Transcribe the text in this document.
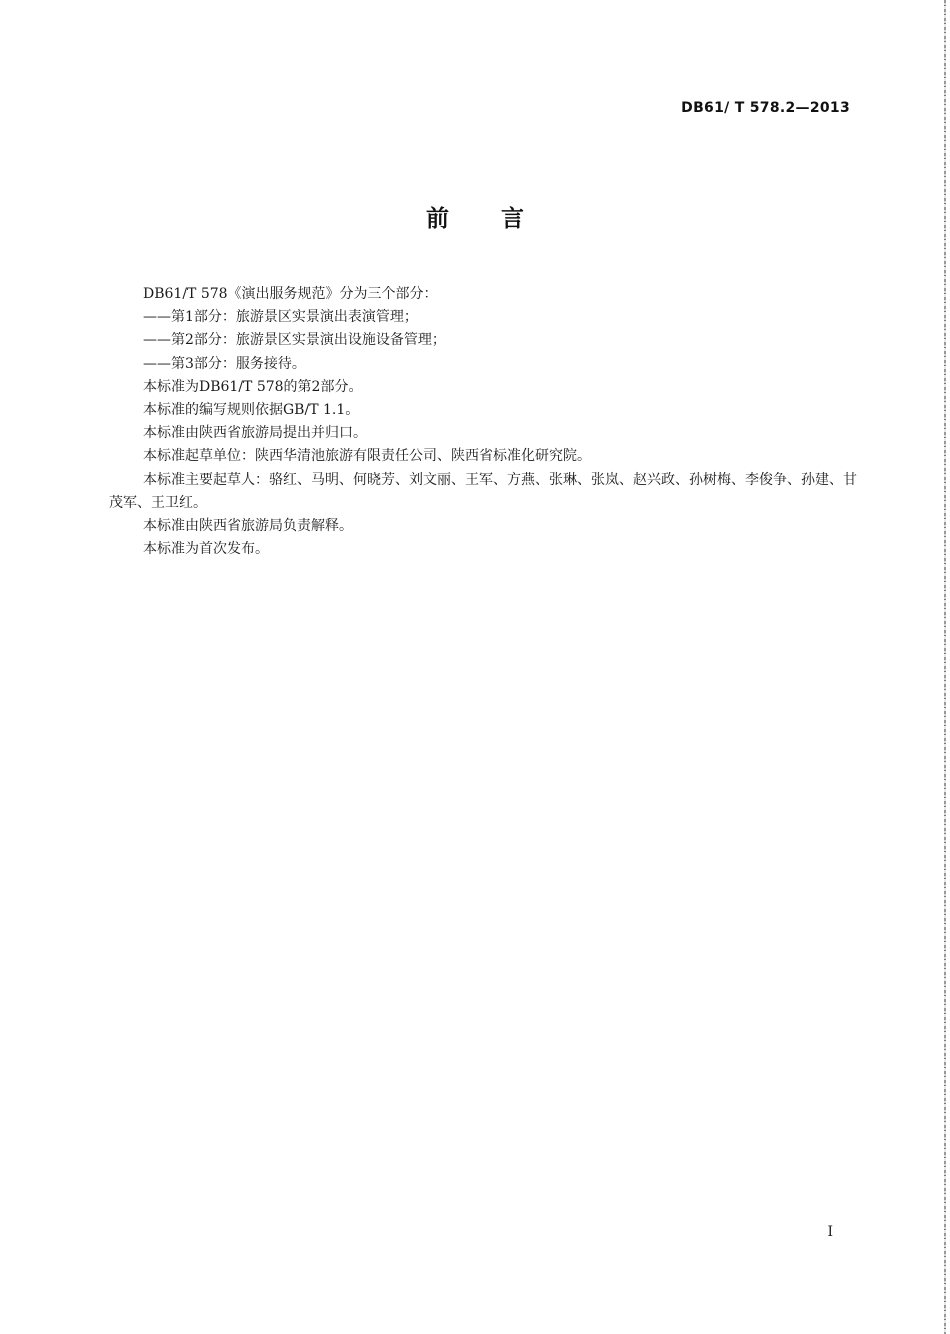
DB61/ T 578.2—2013
前言

DB61/T 578《演出服务规范》分为三个部分：

——第1部分：旅游景区实景演出表演管理；

——第2部分：旅游景区实景演出设施设备管理；

——第3部分：服务接待。

本标准为DB61/T 578的第2部分。

本标准的编写规则依据GB/T 1.1。

本标准由陕西省旅游局提出并归口。

本标准起草单位：陕西华清池旅游有限责任公司、陕西省标准化研究院。

本标准主要起草人：骆红、马明、何晓芳、刘文丽、王军、方燕、张琳、张岚、赵兴政、孙树梅、李俊争、孙建、甘茂军、王卫红。

本标准由陕西省旅游局负责解释。

本标准为首次发布。

I
